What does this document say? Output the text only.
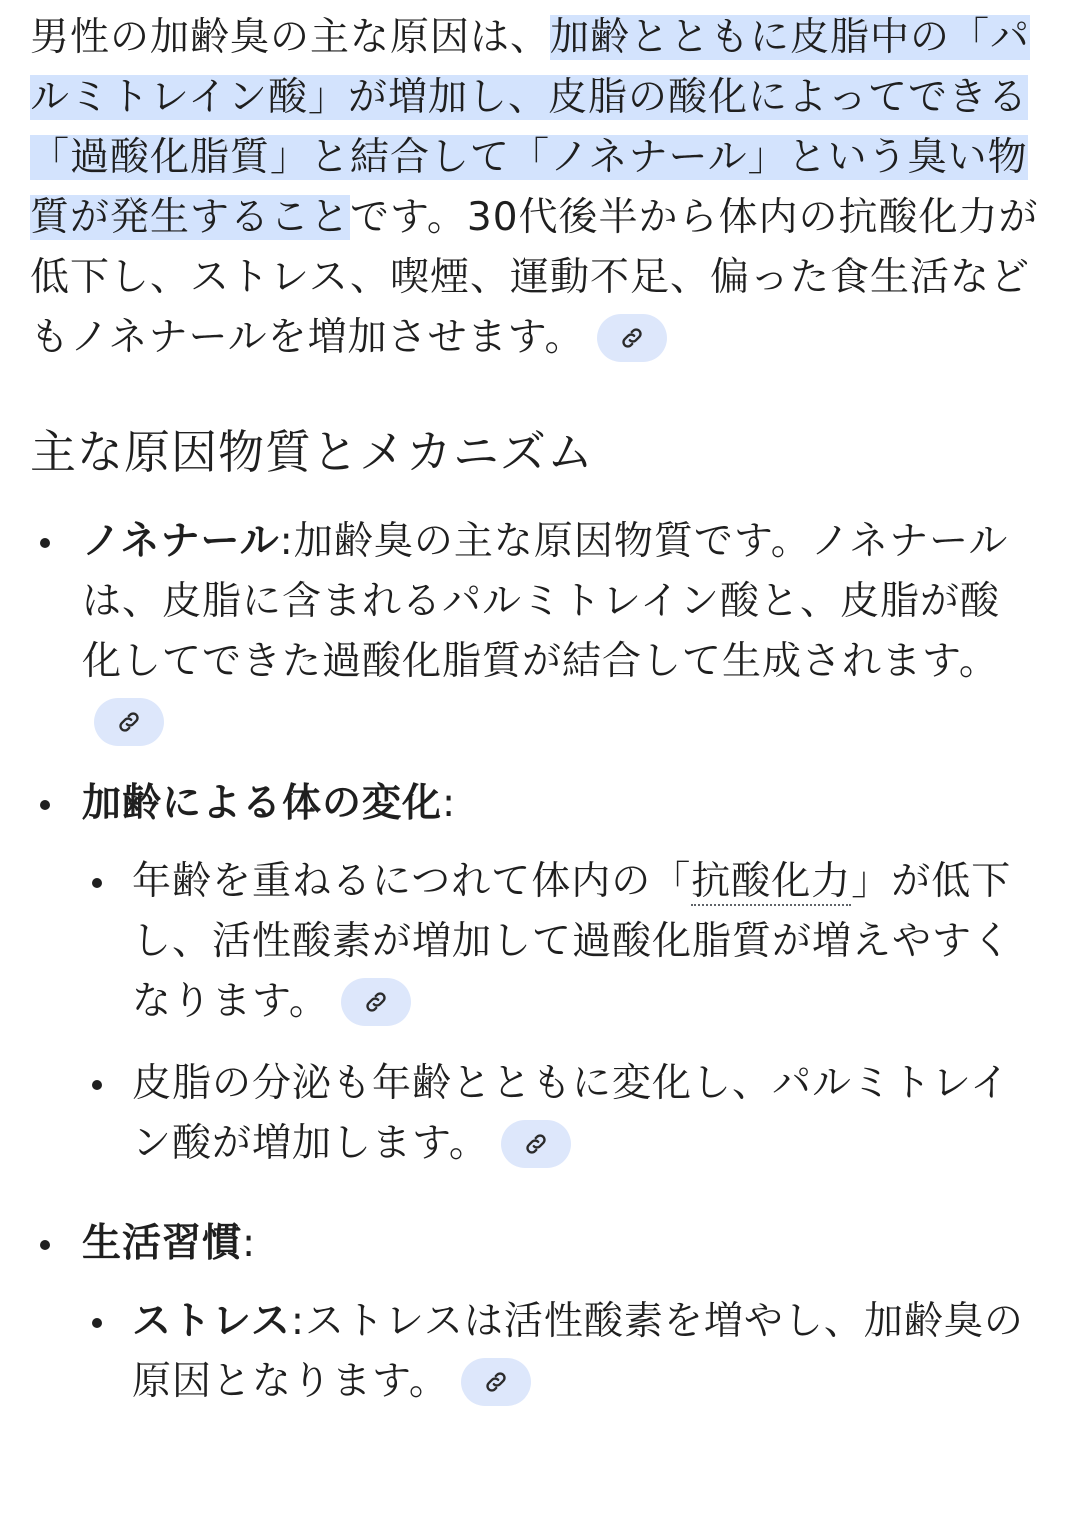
男性の加齢臭の主な原因は、加齢とともに皮脂中の「パルミトレイン酸」が増加し、皮脂の酸化によってできる「過酸化脂質」と結合して「ノネナール」という臭い物質が発生することです。30代後半から体内の抗酸化力が低下し、ストレス、喫煙、運動不足、偏った食生活などもノネナールを増加させます。

主な原因物質とメカニズム
ノネナール:加齢臭の主な原因物質です。ノネナールは、皮脂に含まれるパルミトレイン酸と、皮脂が酸化してできた過酸化脂質が結合して生成されます。
加齢による体の変化:
年齢を重ねるにつれて体内の「抗酸化力」が低下し、活性酸素が増加して過酸化脂質が増えやすくなります。
皮脂の分泌も年齢とともに変化し、パルミトレイン酸が増加します。
生活習慣:
ストレス:ストレスは活性酸素を増やし、加齢臭の原因となります。
